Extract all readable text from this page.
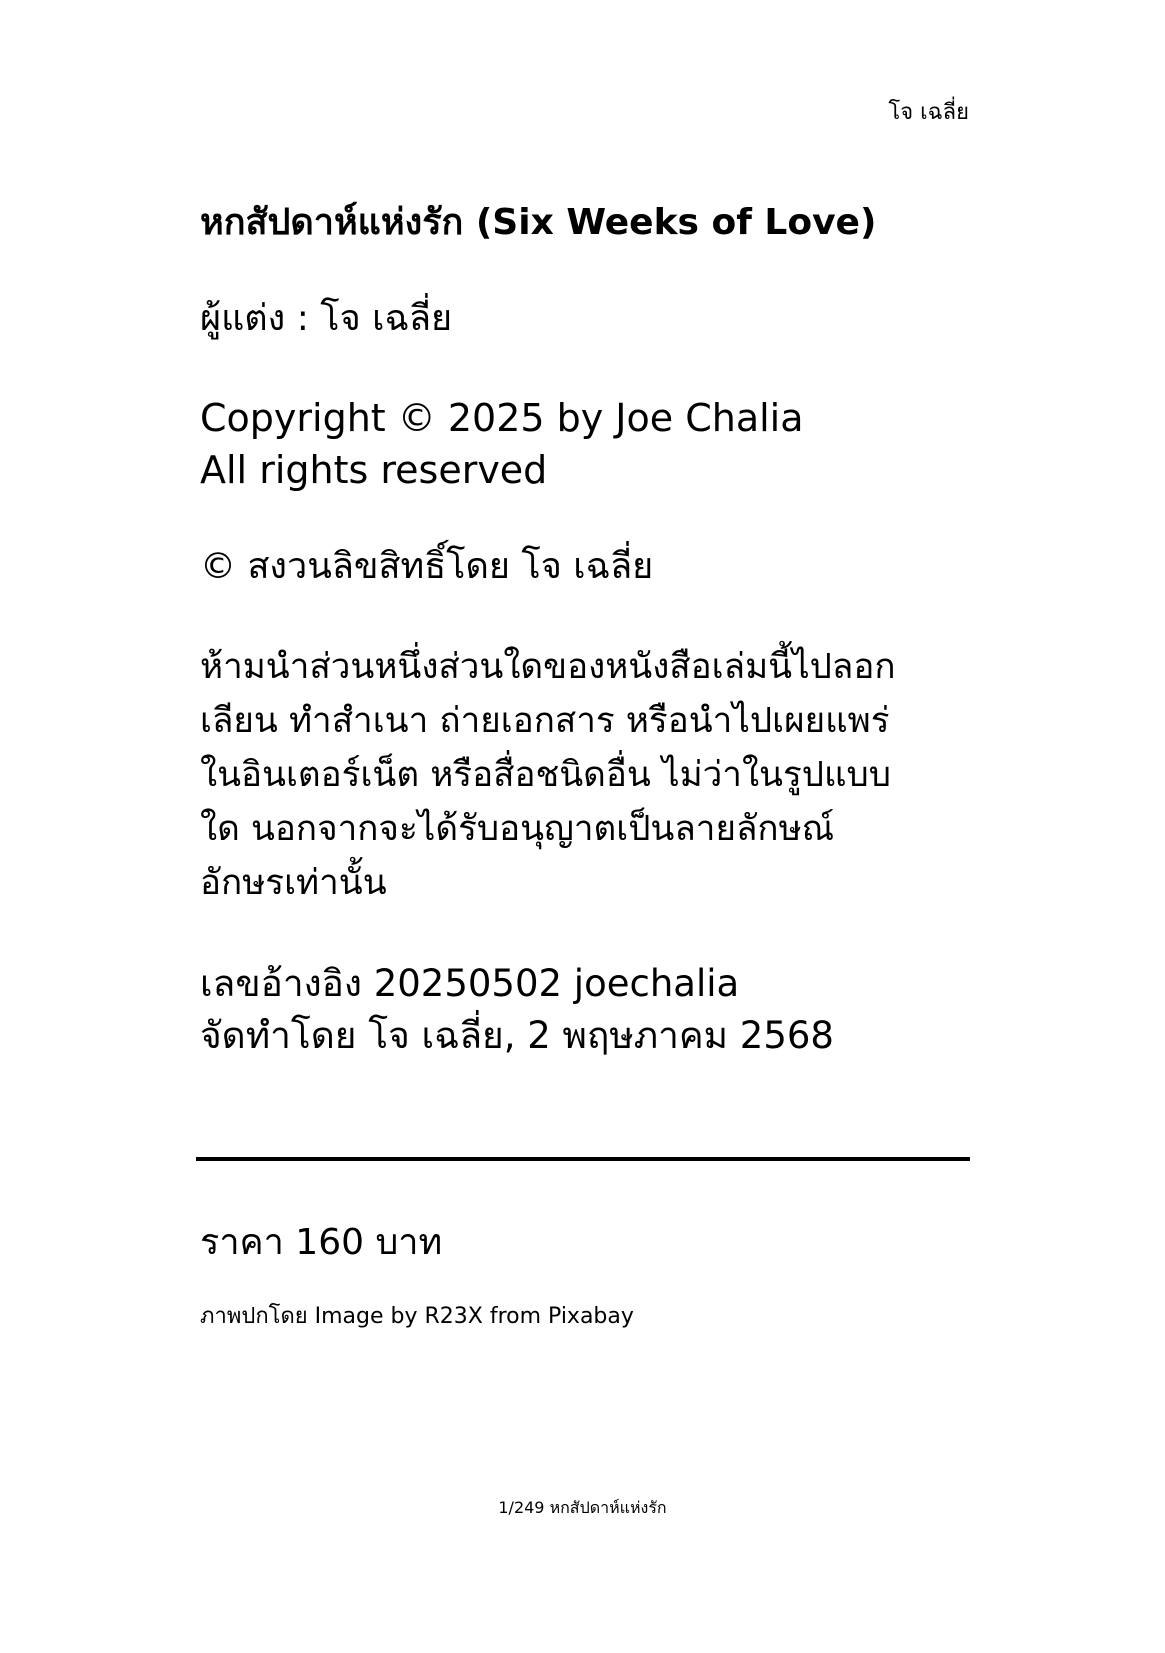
โจ เฉลี่ย
หกสัปดาห์แห่งรัก (Six Weeks of Love)
ผู้แต่ง : โจ เฉลี่ย
Copyright © 2025 by Joe Chalia
All rights reserved
© สงวนลิขสิทธิ์โดย โจ เฉลี่ย
ห้ามนำส่วนหนึ่งส่วนใดของหนังสือเล่มนี้ไปลอก
เลียน ทำสำเนา ถ่ายเอกสาร หรือนำไปเผยแพร่
ในอินเตอร์เน็ต หรือสื่อชนิดอื่น ไม่ว่าในรูปแบบ
ใด นอกจากจะได้รับอนุญาตเป็นลายลักษณ์
อักษรเท่านั้น
เลขอ้างอิง 20250502 joechalia
จัดทำโดย โจ เฉลี่ย, 2 พฤษภาคม 2568
ราคา 160 บาท
ภาพปกโดย Image by R23X from Pixabay
1/249 หกสัปดาห์แห่งรัก
